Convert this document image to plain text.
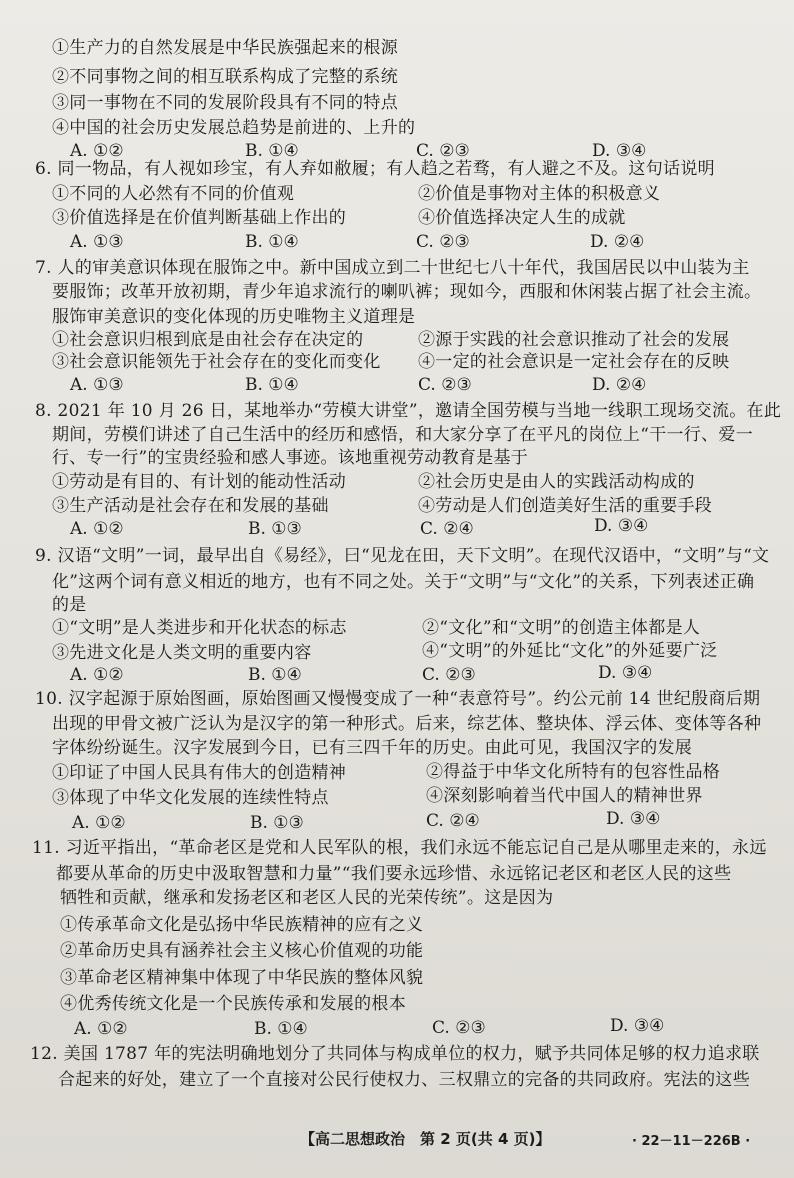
①生产力的自然发展是中华民族强起来的根源
②不同事物之间的相互联系构成了完整的系统
③同一事物在不同的发展阶段具有不同的特点
④中国的社会历史发展总趋势是前进的、上升的
A. ①②	B. ①④	C. ②③	D. ③④
6. 同一物品，有人视如珍宝，有人弃如敝履；有人趋之若骛，有人避之不及。这句话说明
①不同的人必然有不同的价值观	②价值是事物对主体的积极意义
③价值选择是在价值判断基础上作出的	④价值选择决定人生的成就
A. ①③	B. ①④	C. ②③	D. ②④
7. 人的审美意识体现在服饰之中。新中国成立到二十世纪七八十年代，我国居民以中山装为主
要服饰；改革开放初期，青少年追求流行的喇叭裤；现如今，西服和休闲装占据了社会主流。
服饰审美意识的变化体现的历史唯物主义道理是
①社会意识归根到底是由社会存在决定的	②源于实践的社会意识推动了社会的发展
③社会意识能领先于社会存在的变化而变化 ④一定的社会意识是一定社会存在的反映
A. ①③	B. ①④	C. ②③	D. ②④
8. 2021 年 10 月 26 日，某地举办“劳模大讲堂”，邀请全国劳模与当地一线职工现场交流。在此
期间，劳模们讲述了自己生活中的经历和感悟，和大家分享了在平凡的岗位上“干一行、爱一
行、专一行”的宝贵经验和感人事迹。该地重视劳动教育是基于
①劳动是有目的、有计划的能动性活动	②社会历史是由人的实践活动构成的
③生产活动是社会存在和发展的基础	④劳动是人们创造美好生活的重要手段
A. ①②	B. ①③	C. ②④	D. ③④
9. 汉语“文明”一词，最早出自《易经》，曰“见龙在田，天下文明”。在现代汉语中，“文明”与“文
化”这两个词有意义相近的地方，也有不同之处。关于“文明”与“文化”的关系，下列表述正确
的是
①“文明”是人类进步和开化状态的标志	②“文化”和“文明”的创造主体都是人
③先进文化是人类文明的重要内容	④“文明”的外延比“文化”的外延要广泛
A. ①②	B. ①④	C. ②③	D. ③④
10. 汉字起源于原始图画，原始图画又慢慢变成了一种“表意符号”。约公元前 14 世纪殷商后期
出现的甲骨文被广泛认为是汉字的第一种形式。后来，综艺体、整块体、浮云体、变体等各种
字体纷纷诞生。汉字发展到今日，已有三四千年的历史。由此可见，我国汉字的发展
①印证了中国人民具有伟大的创造精神	②得益于中华文化所特有的包容性品格
③体现了中华文化发展的连续性特点	④深刻影响着当代中国人的精神世界
A. ①②	B. ①③	C. ②④	D. ③④
11. 习近平指出，“革命老区是党和人民军队的根，我们永远不能忘记自己是从哪里走来的，永远
都要从革命的历史中汲取智慧和力量”“我们要永远珍惜、永远铭记老区和老区人民的这些
牺牲和贡献，继承和发扬老区和老区人民的光荣传统”。这是因为
①传承革命文化是弘扬中华民族精神的应有之义
②革命历史具有涵养社会主义核心价值观的功能
③革命老区精神集中体现了中华民族的整体风貌
④优秀传统文化是一个民族传承和发展的根本
A. ①②	B. ①④	C. ②③	D. ③④
12. 美国 1787 年的宪法明确地划分了共同体与构成单位的权力，赋予共同体足够的权力追求联
合起来的好处，建立了一个直接对公民行使权力、三权鼎立的完备的共同政府。宪法的这些
【高二思想政治　第 2 页(共 4 页)】	· 22－11－226B ·
